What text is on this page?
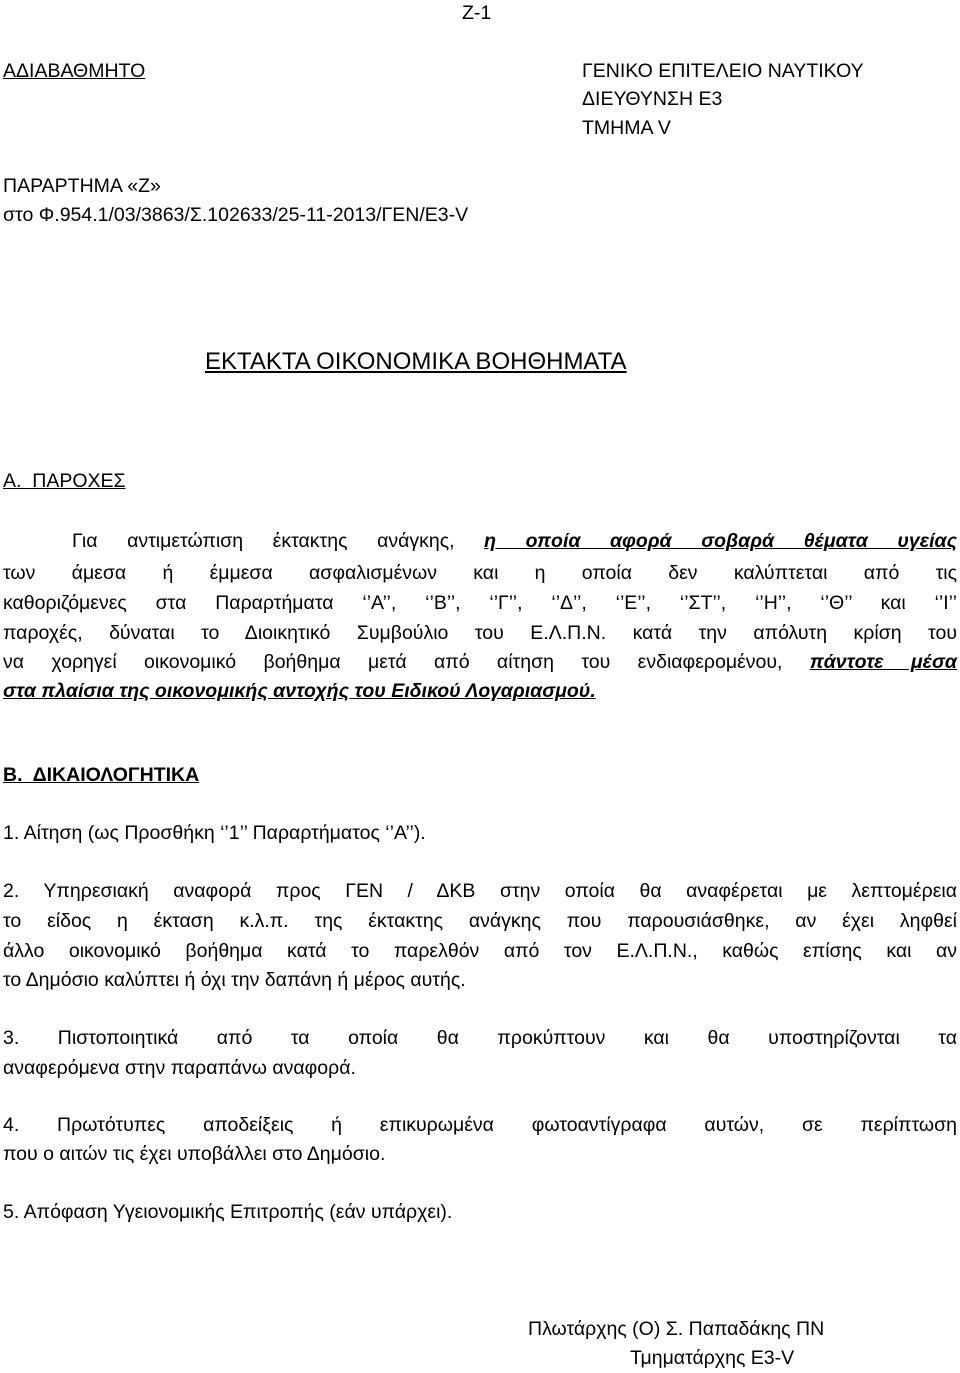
Z-1
ΑΔΙΑΒΑΘΜΗΤΟ	ΓΕΝΙΚΟ ΕΠΙΤΕΛΕΙΟ ΝΑΥΤΙΚΟΥ
ΔΙΕΥΘΥΝΣΗ Ε3
ΤΜΗΜΑ V
ΠΑΡΑΡΤΗΜΑ «Ζ»
στο Φ.954.1/03/3863/Σ.102633/25-11-2013/ΓΕΝ/Ε3-V
ΕΚΤΑΚΤΑ ΟΙΚΟΝΟΜΙΚΑ ΒΟΗΘΗΜΑΤΑ
Α.  ΠΑΡΟΧΕΣ
Για αντιμετώπιση έκτακτης ανάγκης, η οποία αφορά σοβαρά θέματα υγείας
των άμεσα ή έμμεσα ασφαλισμένων και η οποία δεν καλύπτεται από τις
καθοριζόμενες στα Παραρτήματα ‘’Α’’, ‘’Β’’, ‘’Γ’’, ‘’Δ’’, ‘’Ε’’, ‘’ΣΤ’’, ‘’Η’’, ‘’Θ’’ και ‘’Ι’’
παροχές, δύναται το Διοικητικό Συμβούλιο του Ε.Λ.Π.Ν. κατά την απόλυτη κρίση του
να χορηγεί οικονομικό βοήθημα μετά από αίτηση του ενδιαφερομένου, πάντοτε μέσα
στα πλαίσια της οικονομικής αντοχής του Ειδικού Λογαριασμού.
Β.  ΔΙΚΑΙΟΛΟΓΗΤΙΚΑ
1. Αίτηση (ως Προσθήκη ‘’1’’ Παραρτήματος ‘’Α’’).
2. Υπηρεσιακή αναφορά προς ΓΕΝ / ΔΚΒ στην οποία θα αναφέρεται με λεπτομέρεια
το είδος η έκταση κ.λ.π. της έκτακτης ανάγκης που παρουσιάσθηκε, αν έχει ληφθεί
άλλο οικονομικό βοήθημα κατά το παρελθόν από τον Ε.Λ.Π.Ν., καθώς επίσης και αν
το Δημόσιο καλύπτει ή όχι την δαπάνη ή μέρος αυτής.
3. Πιστοποιητικά από τα οποία θα προκύπτουν και θα υποστηρίζονται τα
αναφερόμενα στην παραπάνω αναφορά.
4. Πρωτότυπες αποδείξεις ή επικυρωμένα φωτοαντίγραφα αυτών, σε περίπτωση
που ο αιτών τις έχει υποβάλλει στο Δημόσιο.
5. Απόφαση Υγειονομικής Επιτροπής (εάν υπάρχει).
Πλωτάρχης (Ο) Σ. Παπαδάκης ΠΝ
Τμηματάρχης Ε3-V
